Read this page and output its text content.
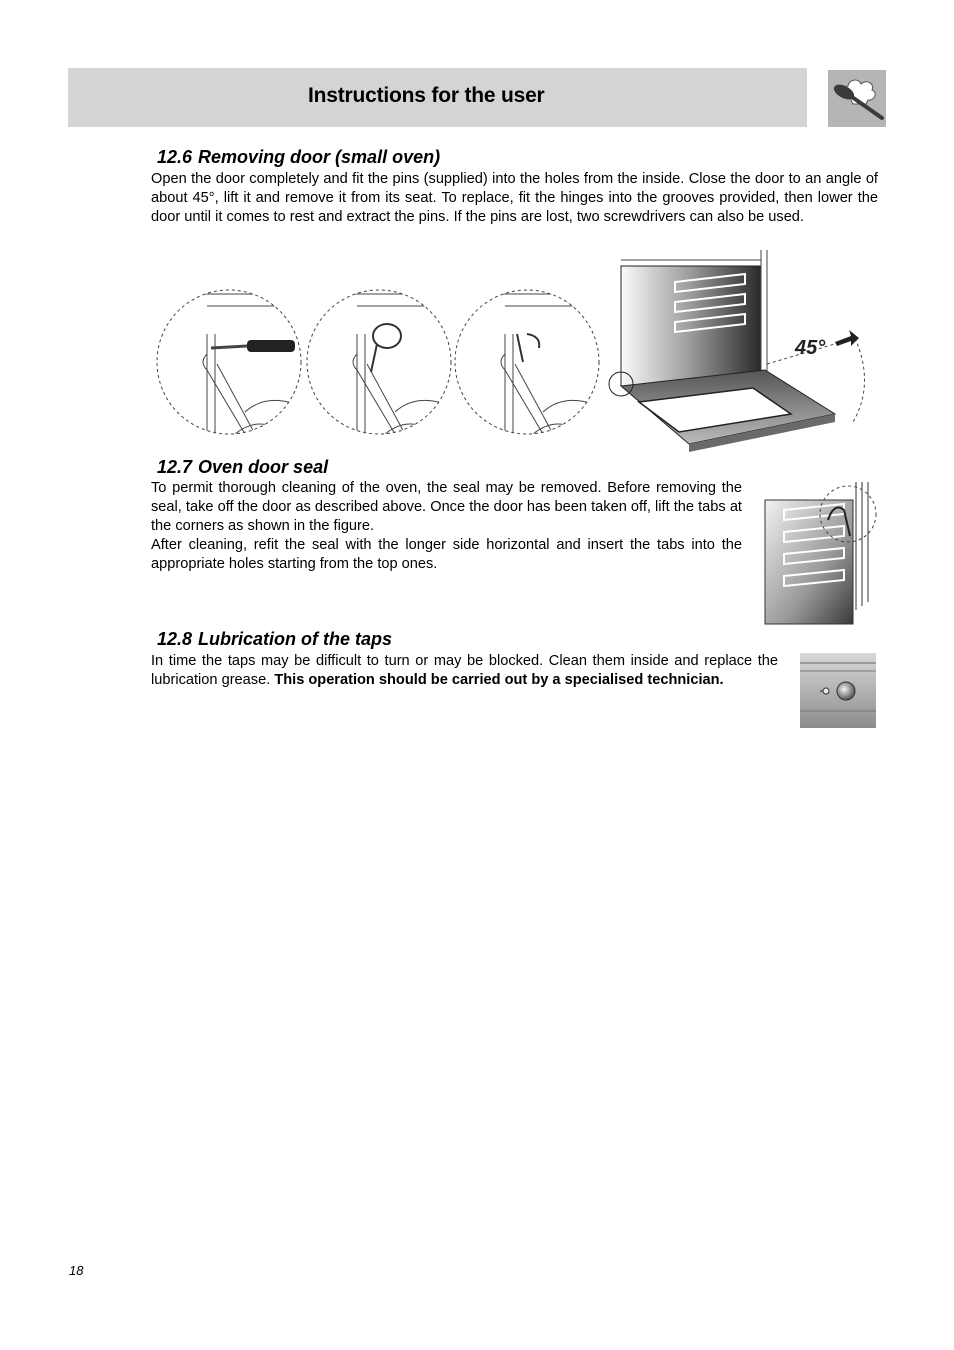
Instructions for the user
12.6 Removing door (small oven)

Open the door completely and fit the pins (supplied) into the holes from the inside. Close the door to an angle of about 45°, lift it and remove it from its seat. To replace, fit the hinges into the grooves provided, then lower the door until it comes to rest and extract the pins. If the pins are lost, two screwdrivers can also be used.

45°
12.7 Oven door seal

To permit thorough cleaning of the oven, the seal may be removed. Before removing the seal, take off the door as described above. Once the door has been taken off, lift the tabs at the corners as shown in the figure.

After cleaning, refit the seal with the longer side horizontal and insert the tabs into the appropriate holes starting from the top ones.

12.8 Lubrication of the taps

In time the taps may be difficult to turn or may be blocked. Clean them inside and replace the lubrication grease. This operation should be carried out by a specialised technician.

18
